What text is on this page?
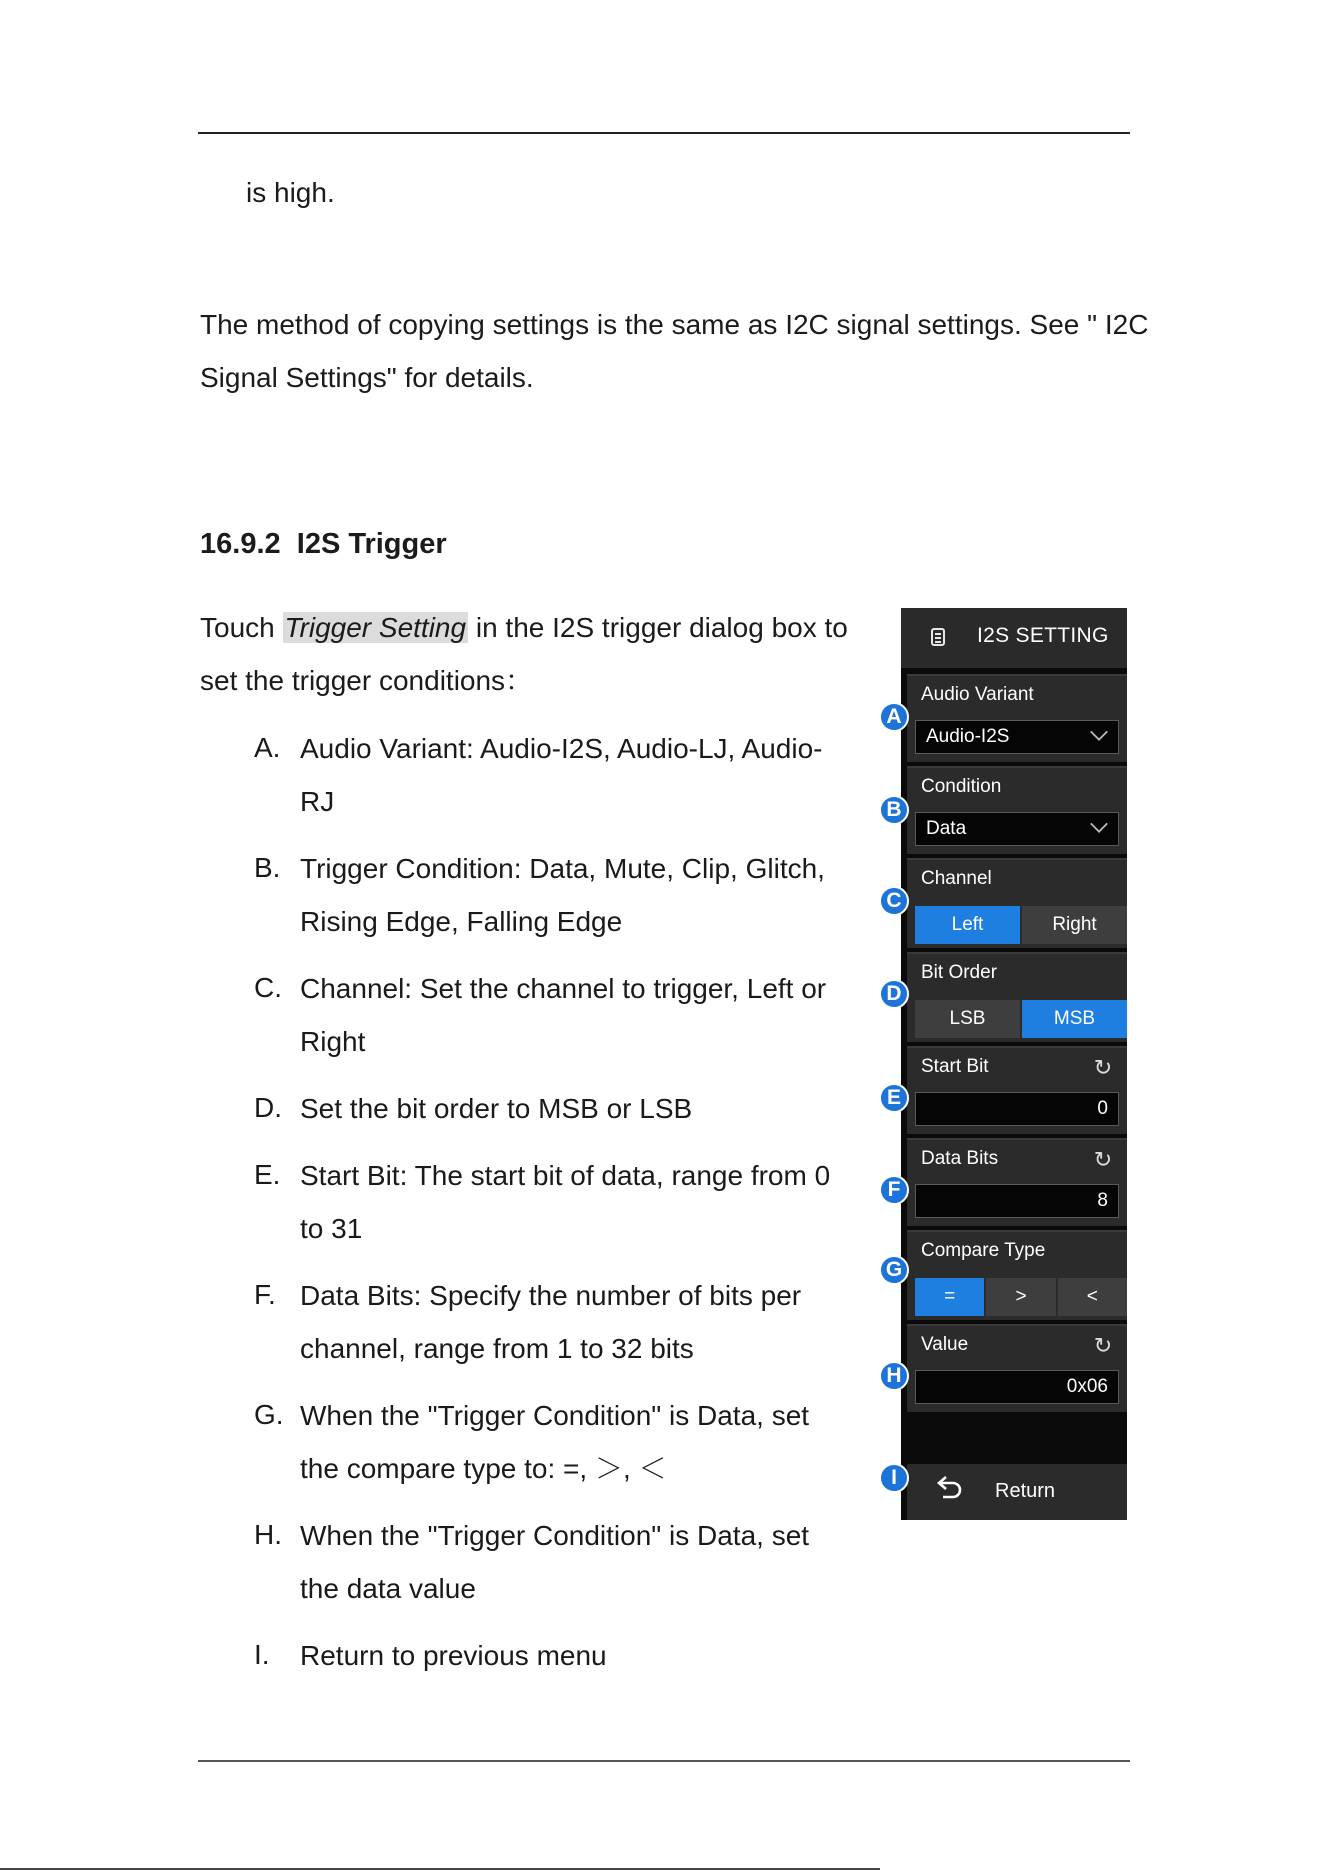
is high.
The method of copying settings is the same as I2C signal settings. See " I2C
Signal Settings" for details.
16.9.2 I2S Trigger
Touch Trigger Setting in the I2S trigger dialog box to
set the trigger conditions：
A. Audio Variant: Audio-I2S, Audio-LJ, Audio-RJ
B. Trigger Condition: Data, Mute, Clip, Glitch, Rising Edge, Falling Edge
C. Channel: Set the channel to trigger, Left or Right
D. Set the bit order to MSB or LSB
E. Start Bit: The start bit of data, range from 0 to 31
F. Data Bits: Specify the number of bits per channel, range from 1 to 32 bits
G. When the "Trigger Condition" is Data, set the compare type to: =, ＞, ＜
H. When the "Trigger Condition" is Data, set the data value
I.	Return to previous menu
I2S SETTING
Audio Variant
Audio-I2S
Condition
Data
Channel
Left	Right
Bit Order
LSB	MSB
Start Bit	↻
0
Data Bits	↻
8
Compare Type
=	>	<
Value	↻
0x06
Return
A
B
C
D
E
F
G
H
I
